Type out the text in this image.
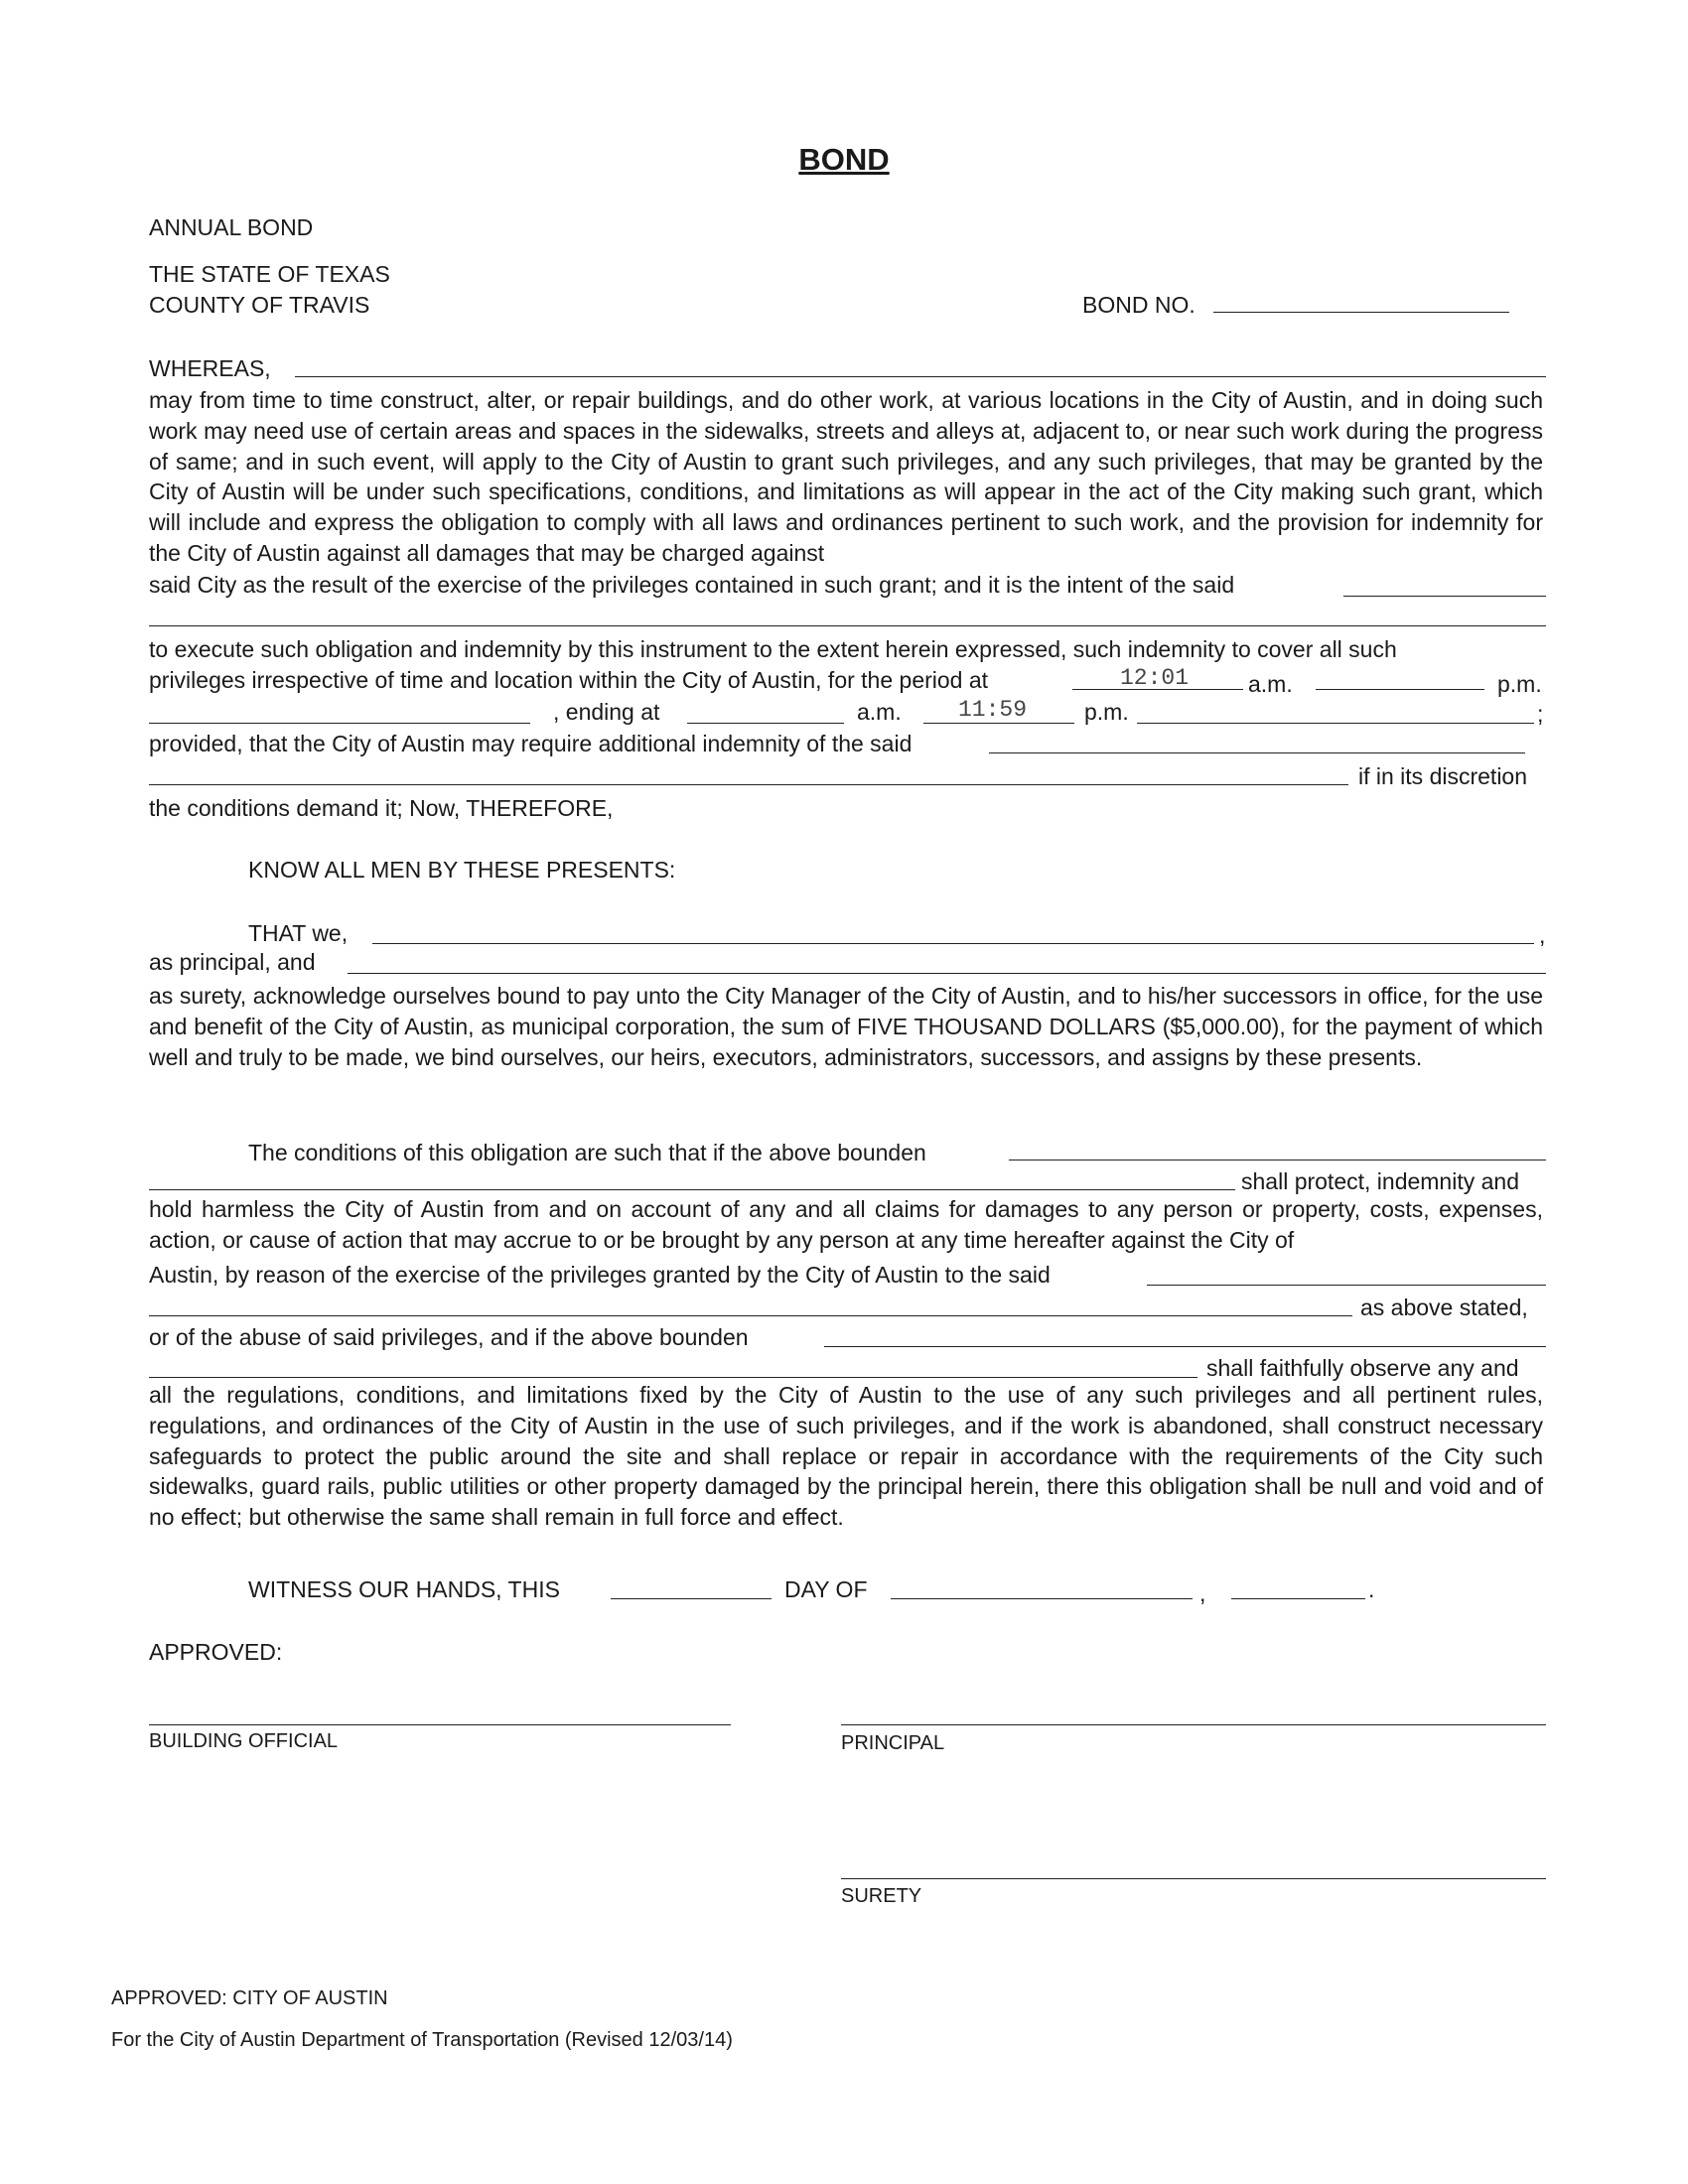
BOND
ANNUAL BOND
THE STATE OF TEXAS
COUNTY OF TRAVIS	BOND NO.
WHEREAS,
may from time to time construct, alter, or repair buildings, and do other work, at various locations in the City of Austin, and in doing such work may need use of certain areas and spaces in the sidewalks, streets and alleys at, adjacent to, or near such work during the progress of same; and in such event, will apply to the City of Austin to grant such privileges, and any such privileges, that may be granted by the City of Austin will be under such specifications, conditions, and limitations as will appear in the act of the City making such grant, which will include and express the obligation to comply with all laws and ordinances pertinent to such work, and the provision for indemnity for the City of Austin against all damages that may be charged against
said City as the result of the exercise of the privileges contained in such grant; and it is the intent of the said
to execute such obligation and indemnity by this instrument to the extent herein expressed, such indemnity to cover all such
privileges irrespective of time and location within the City of Austin, for the period at	12:01	a.m.	p.m.
, ending at	a.m. 11:59	p.m.	;
provided, that the City of Austin may require additional indemnity of the said
if in its discretion
the conditions demand it; Now, THEREFORE,
KNOW ALL MEN BY THESE PRESENTS:
THAT we,	,
as principal, and
as surety, acknowledge ourselves bound to pay unto the City Manager of the City of Austin, and to his/her successors in office, for the use and benefit of the City of Austin, as municipal corporation, the sum of FIVE THOUSAND DOLLARS ($5,000.00), for the payment of which well and truly to be made, we bind ourselves, our heirs, executors, administrators, successors, and assigns by these presents.
The conditions of this obligation are such that if the above bounden
shall protect, indemnity and
hold harmless the City of Austin from and on account of any and all claims for damages to any person or property, costs, expenses, action, or cause of action that may accrue to or be brought by any person at any time hereafter against the City of
Austin, by reason of the exercise of the privileges granted by the City of Austin to the said
as above stated,
or of the abuse of said privileges, and if the above bounden
shall faithfully observe any and
all the regulations, conditions, and limitations fixed by the City of Austin to the use of any such privileges and all pertinent rules, regulations, and ordinances of the City of Austin in the use of such privileges, and if the work is abandoned, shall construct necessary safeguards to protect the public around the site and shall replace or repair in accordance with the requirements of the City such sidewalks, guard rails, public utilities or other property damaged by the principal herein, there this obligation shall be null and void and of no effect; but otherwise the same shall remain in full force and effect.
WITNESS OUR HANDS, THIS	DAY OF	,	.
APPROVED:
BUILDING OFFICIAL	PRINCIPAL
SURETY
APPROVED: CITY OF AUSTIN
For the City of Austin Department of Transportation (Revised 12/03/14)
